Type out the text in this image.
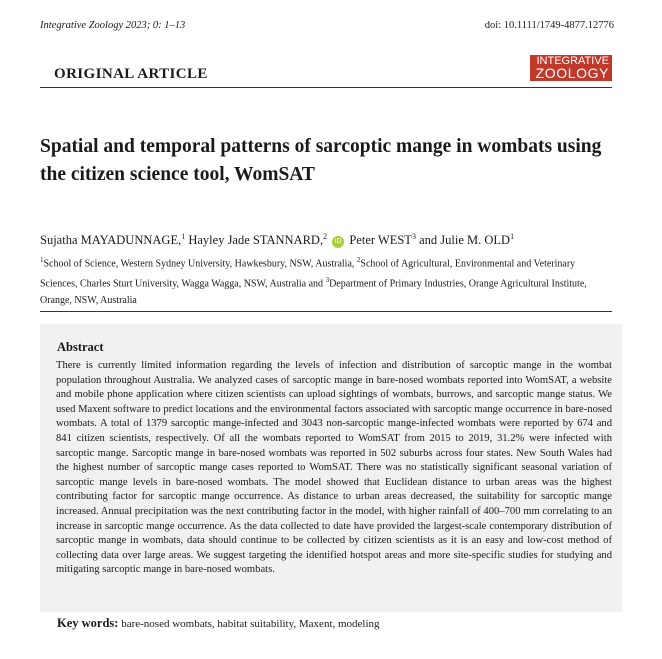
Integrative Zoology 2023; 0: 1–13	doi: 10.1111/1749-4877.12776
ORIGINAL ARTICLE
INTEGRATIVE
ZOOLOGY
Spatial and temporal patterns of sarcoptic mange in wombats using the citizen science tool, WomSAT
Sujatha MAYADUNNAGE,$^1$ Hayley Jade STANNARD,$^2$ iD Peter WEST$^3$ and Julie M. OLD$^1$
$^1$School of Science, Western Sydney University, Hawkesbury, NSW, Australia, $^2$School of Agricultural, Environmental and Veterinary Sciences, Charles Sturt University, Wagga Wagga, NSW, Australia and $^3$Department of Primary Industries, Orange Agricultural Institute, Orange, NSW, Australia
Abstract
There is currently limited information regarding the levels of infection and distribution of sarcoptic mange in the wombat population throughout Australia. We analyzed cases of sarcoptic mange in bare-nosed wombats reported into WomSAT, a website and mobile phone application where citizen scientists can upload sightings of wombats, burrows, and sarcoptic mange status. We used Maxent software to predict locations and the environmental factors associated with sarcoptic mange occurrence in bare-nosed wombats. A total of 1379 sarcoptic mange-infected and 3043 non-sarcoptic mange-infected wombats were reported by 674 and 841 citizen scientists, respectively. Of all the wombats reported to WomSAT from 2015 to 2019, 31.2% were infected with sarcoptic mange. Sarcoptic mange in bare-nosed wombats was reported in 502 suburbs across four states. New South Wales had the highest number of sarcoptic mange cases reported to WomSAT. There was no statistically significant seasonal variation of sarcoptic mange levels in bare-nosed wombats. The model showed that Euclidean distance to urban areas was the highest contributing factor for sarcoptic mange occurrence. As distance to urban areas decreased, the suitability for sarcoptic mange increased. Annual precipitation was the next contributing factor in the model, with higher rainfall of 400–700 mm correlating to an increase in sarcoptic mange occurrence. As the data collected to date have provided the largest-scale contemporary distribution of sarcoptic mange in wombats, data should continue to be collected by citizen scientists as it is an easy and low-cost method of collecting data over large areas. We suggest targeting the identified hotspot areas and more site-specific studies for studying and mitigating sarcoptic mange in bare-nosed wombats.
Key words: bare-nosed wombats, habitat suitability, Maxent, modeling
